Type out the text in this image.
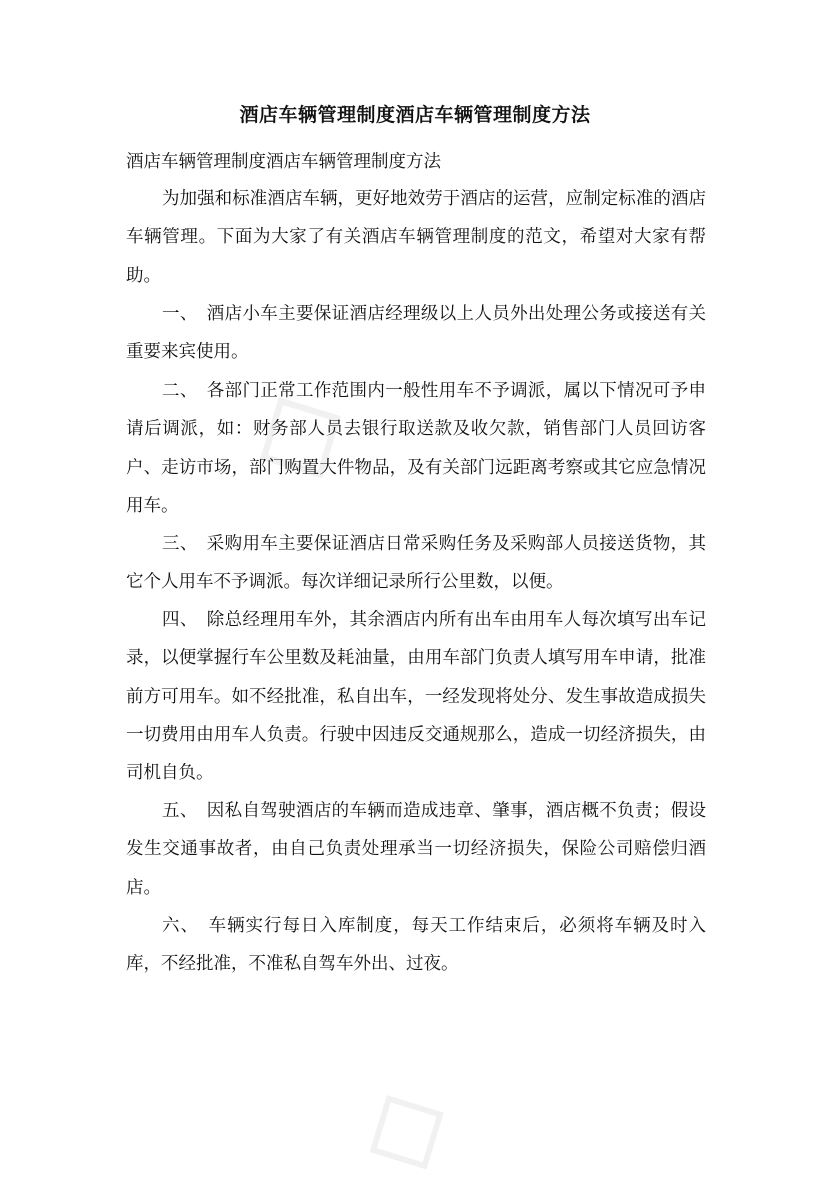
◇
◇
酒店车辆管理制度酒店车辆管理制度方法
酒店车辆管理制度酒店车辆管理制度方法

为加强和标准酒店车辆，更好地效劳于酒店的运营，应制定标准的酒店车辆管理。下面为大家了有关酒店车辆管理制度的范文，希望对大家有帮助。

一、　酒店小车主要保证酒店经理级以上人员外出处理公务或接送有关重要来宾使用。

二、　各部门正常工作范围内一般性用车不予调派，属以下情况可予申请后调派，如：财务部人员去银行取送款及收欠款，销售部门人员回访客户、走访市场，部门购置大件物品，及有关部门远距离考察或其它应急情况用车。

三、　采购用车主要保证酒店日常采购任务及采购部人员接送货物，其它个人用车不予调派。每次详细记录所行公里数，以便。

四、　除总经理用车外，其余酒店内所有出车由用车人每次填写出车记录，以便掌握行车公里数及耗油量，由用车部门负责人填写用车申请，批准前方可用车。如不经批准，私自出车，一经发现将处分、发生事故造成损失一切费用由用车人负责。行驶中因违反交通规那么，造成一切经济损失，由司机自负。

五、　因私自驾驶酒店的车辆而造成违章、肇事，酒店概不负责；假设发生交通事故者，由自己负责处理承当一切经济损失，保险公司赔偿归酒店。

六、　车辆实行每日入库制度，每天工作结束后，必须将车辆及时入库，不经批准，不准私自驾车外出、过夜。
